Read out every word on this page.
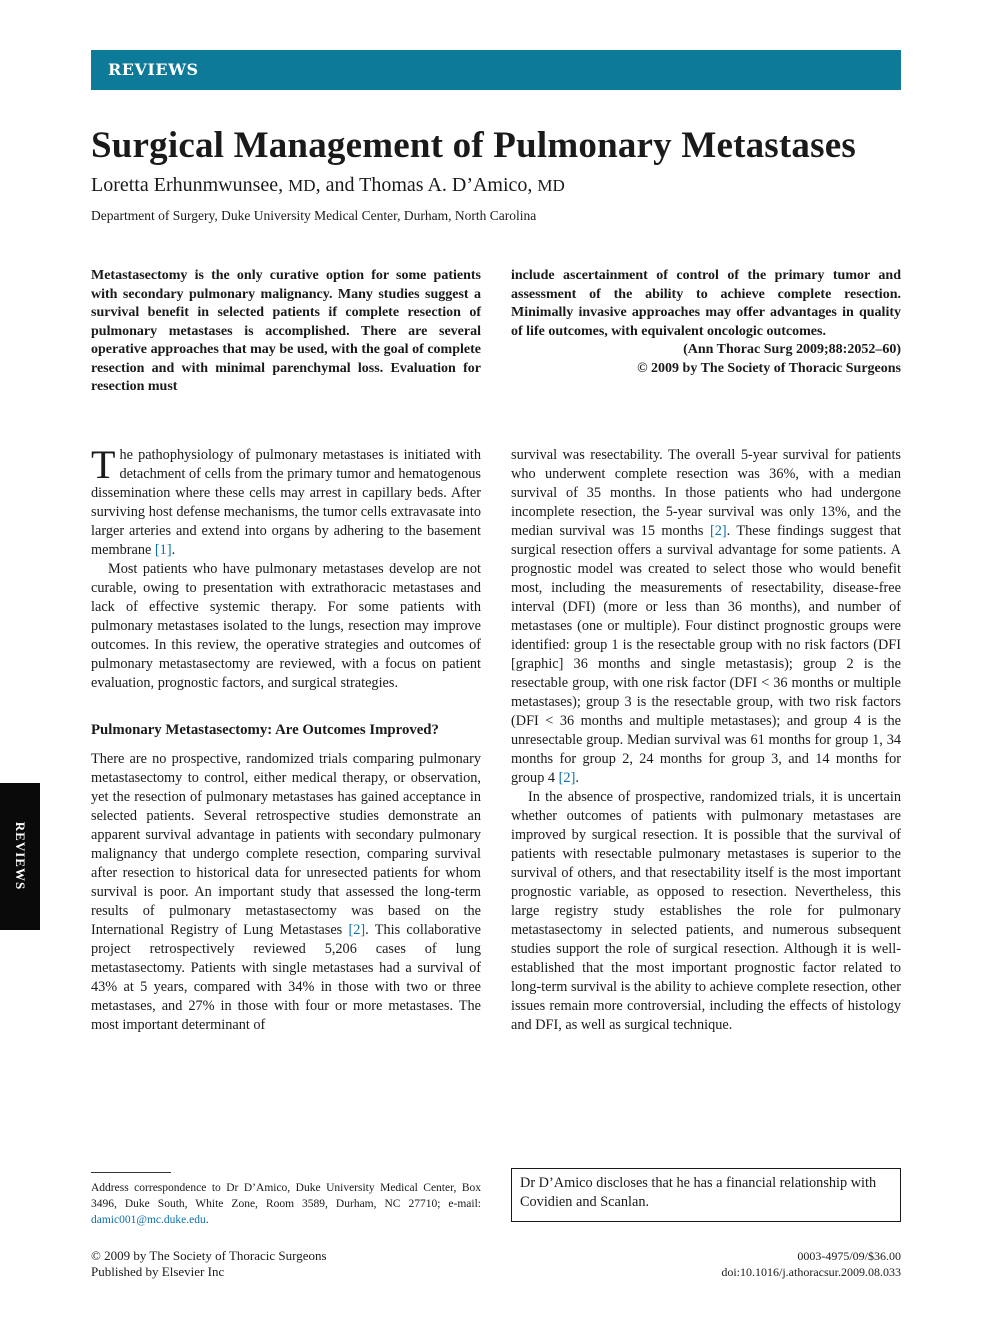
REVIEWS
Surgical Management of Pulmonary Metastases
Loretta Erhunmwunsee, MD, and Thomas A. D’Amico, MD
Department of Surgery, Duke University Medical Center, Durham, North Carolina
Metastasectomy is the only curative option for some patients with secondary pulmonary malignancy. Many studies suggest a survival benefit in selected patients if complete resection of pulmonary metastases is accomplished. There are several operative approaches that may be used, with the goal of complete resection and with minimal parenchymal loss. Evaluation for resection must
include ascertainment of control of the primary tumor and assessment of the ability to achieve complete resection. Minimally invasive approaches may offer advantages in quality of life outcomes, with equivalent oncologic outcomes.
(Ann Thorac Surg 2009;88:2052–60)
© 2009 by The Society of Thoracic Surgeons

The pathophysiology of pulmonary metastases is initiated with detachment of cells from the primary tumor and hematogenous dissemination where these cells may arrest in capillary beds. After surviving host defense mechanisms, the tumor cells extravasate into larger arteries and extend into organs by adhering to the basement membrane [1].

Most patients who have pulmonary metastases develop are not curable, owing to presentation with extrathoracic metastases and lack of effective systemic therapy. For some patients with pulmonary metastases isolated to the lungs, resection may improve outcomes. In this review, the operative strategies and outcomes of pulmonary metastasectomy are reviewed, with a focus on patient evaluation, prognostic factors, and surgical strategies.

Pulmonary Metastasectomy: Are Outcomes Improved?

There are no prospective, randomized trials comparing pulmonary metastasectomy to control, either medical therapy, or observation, yet the resection of pulmonary metastases has gained acceptance in selected patients. Several retrospective studies demonstrate an apparent survival advantage in patients with secondary pulmonary malignancy that undergo complete resection, comparing survival after resection to historical data for unresected patients for whom survival is poor. An important study that assessed the long-term results of pulmonary metastasectomy was based on the International Registry of Lung Metastases [2]. This collaborative project retrospectively reviewed 5,206 cases of lung metastasectomy. Patients with single metastases had a survival of 43% at 5 years, compared with 34% in those with two or three metastases, and 27% in those with four or more metastases. The most important determinant of

survival was resectability. The overall 5-year survival for patients who underwent complete resection was 36%, with a median survival of 35 months. In those patients who had undergone incomplete resection, the 5-year survival was only 13%, and the median survival was 15 months [2]. These findings suggest that surgical resection offers a survival advantage for some patients. A prognostic model was created to select those who would benefit most, including the measurements of resectability, disease-free interval (DFI) (more or less than 36 months), and number of metastases (one or multiple). Four distinct prognostic groups were identified: group 1 is the resectable group with no risk factors (DFI [graphic] 36 months and single metastasis); group 2 is the resectable group, with one risk factor (DFI < 36 months or multiple metastases); group 3 is the resectable group, with two risk factors (DFI < 36 months and multiple metastases); and group 4 is the unresectable group. Median survival was 61 months for group 1, 34 months for group 2, 24 months for group 3, and 14 months for group 4 [2].

In the absence of prospective, randomized trials, it is uncertain whether outcomes of patients with pulmonary metastases are improved by surgical resection. It is possible that the survival of patients with resectable pulmonary metastases is superior to the survival of others, and that resectability itself is the most important prognostic variable, as opposed to resection. Nevertheless, this large registry study establishes the role for pulmonary metastasectomy in selected patients, and numerous subsequent studies support the role of surgical resection. Although it is well-established that the most important prognostic factor related to long-term survival is the ability to achieve complete resection, other issues remain more controversial, including the effects of histology and DFI, as well as surgical technique.

Address correspondence to Dr D’Amico, Duke University Medical Center, Box 3496, Duke South, White Zone, Room 3589, Durham, NC 27710; e-mail: damic001@mc.duke.edu.
Dr D’Amico discloses that he has a financial relationship with Covidien and Scanlan.
© 2009 by The Society of Thoracic Surgeons
Published by Elsevier Inc
0003-4975/09/$36.00
doi:10.1016/j.athoracsur.2009.08.033
REVIEWS
